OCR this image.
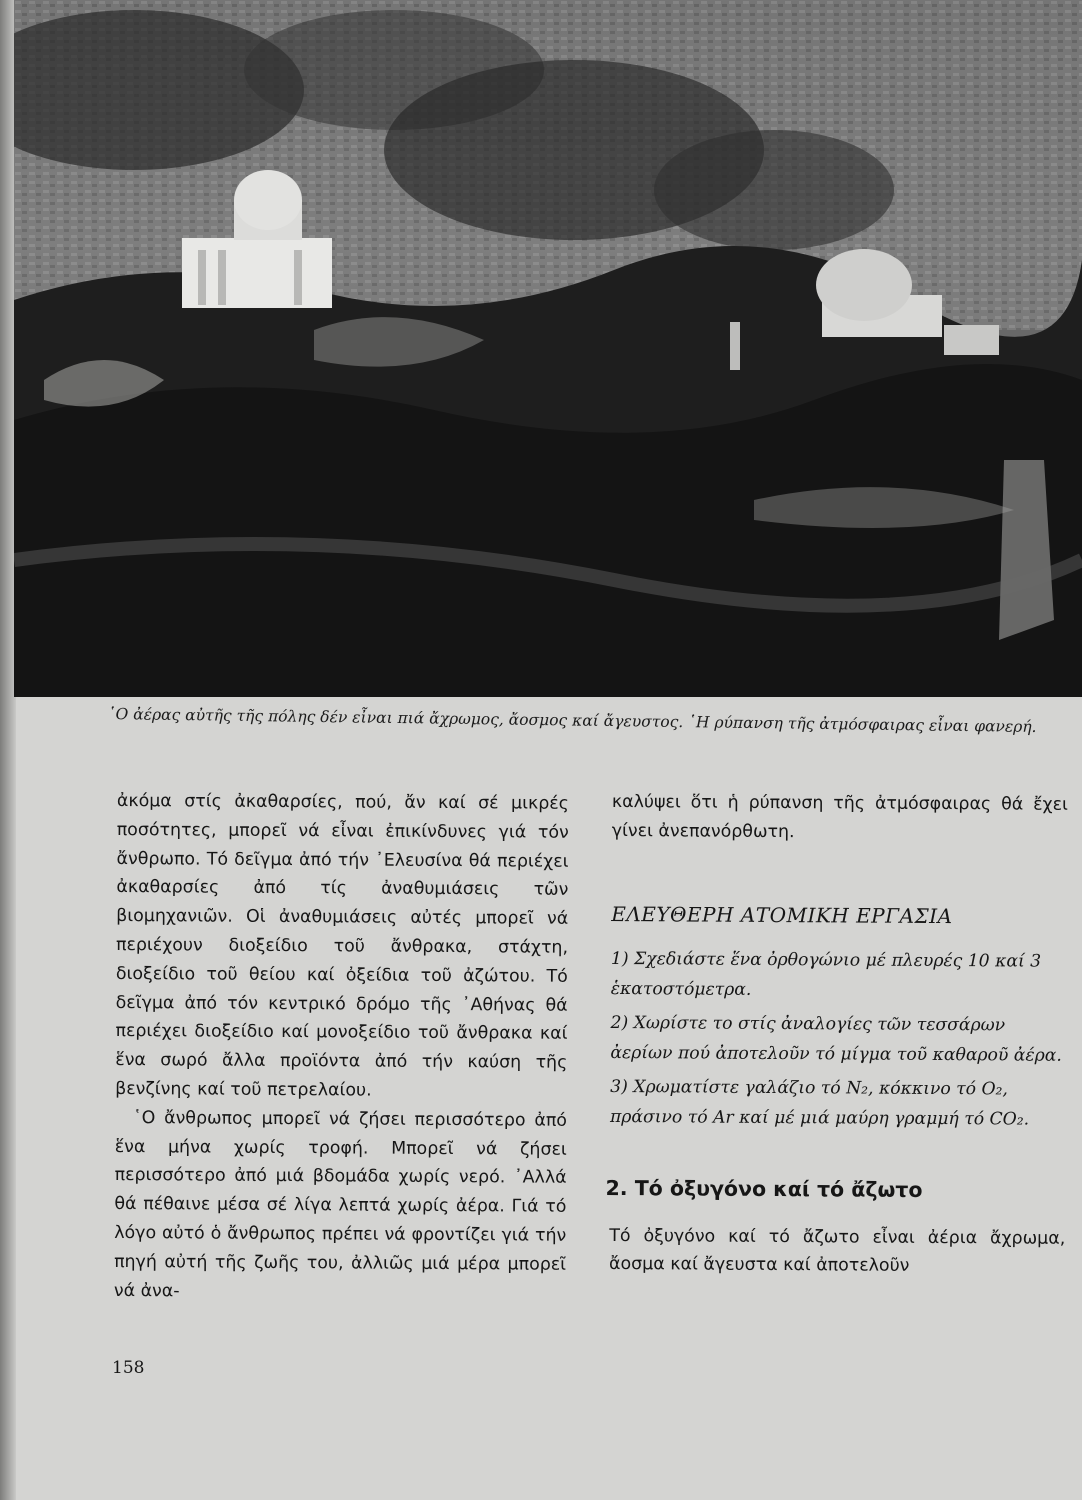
῾Ο ἀέρας αὐτῆς τῆς πόλης δέν εἶναι πιά ἄχρωμος, ἄοσμος καί ἄγευστος. ῾Η ρύπανση τῆς ἀτμόσφαιρας εἶναι φανερή.

ἀκόμα στίς ἀκαθαρσίες, πού, ἄν καί σέ μικρές ποσότητες, μπορεῖ νά εἶναι ἐπικίνδυνες γιά τόν ἄνθρωπο. Τό δεῖγμα ἀπό τήν ᾿Ελευσίνα θά περιέχει ἀκαθαρσίες ἀπό τίς ἀναθυμιάσεις τῶν βιομηχανιῶν. Οἱ ἀναθυμιάσεις αὐτές μπορεῖ νά περιέχουν διοξείδιο τοῦ ἄνθρακα, στάχτη, διοξείδιο τοῦ θείου καί ὀξείδια τοῦ ἀζώτου. Τό δεῖγμα ἀπό τόν κεντρικό δρόμο τῆς ᾿Αθήνας θά περιέχει διοξείδιο καί μονοξείδιο τοῦ ἄνθρακα καί ἕνα σωρό ἄλλα προϊόντα ἀπό τήν καύση τῆς βενζίνης καί τοῦ πετρελαίου.

῾Ο ἄνθρωπος μπορεῖ νά ζήσει περισσότερο ἀπό ἕνα μήνα χωρίς τροφή. Μπορεῖ νά ζήσει περισσότερο ἀπό μιά βδομάδα χωρίς νερό. ᾿Αλλά θά πέθαινε μέσα σέ λίγα λεπτά χωρίς ἀέρα. Γιά τό λόγο αὐτό ὁ ἄνθρωπος πρέπει νά φροντίζει γιά τήν πηγή αὐτή τῆς ζωῆς του, ἀλλιῶς μιά μέρα μπορεῖ νά ἀνα-

καλύψει ὅτι ἡ ρύπανση τῆς ἀτμόσφαιρας θά ἔχει γίνει ἀνεπανόρθωτη.

ΕΛΕΥΘΕΡΗ ΑΤΟΜΙΚΗ ΕΡΓΑΣΙΑ

1) Σχεδιάστε ἕνα ὀρθογώνιο μέ πλευρές 10 καί 3 ἑκατοστόμετρα.

2) Χωρίστε το στίς ἀναλογίες τῶν τεσσάρων ἀερίων πού ἀποτελοῦν τό μίγμα τοῦ καθαροῦ ἀέρα.

3) Χρωματίστε γαλάζιο τό N₂, κόκκινο τό O₂, πράσινο τό Ar καί μέ μιά μαύρη γραμμή τό CO₂.

2. Τό ὀξυγόνο καί τό ἄζωτο

Τό ὀξυγόνο καί τό ἄζωτο εἶναι ἀέρια ἄχρωμα, ἄοσμα καί ἄγευστα καί ἀποτελοῦν

158
